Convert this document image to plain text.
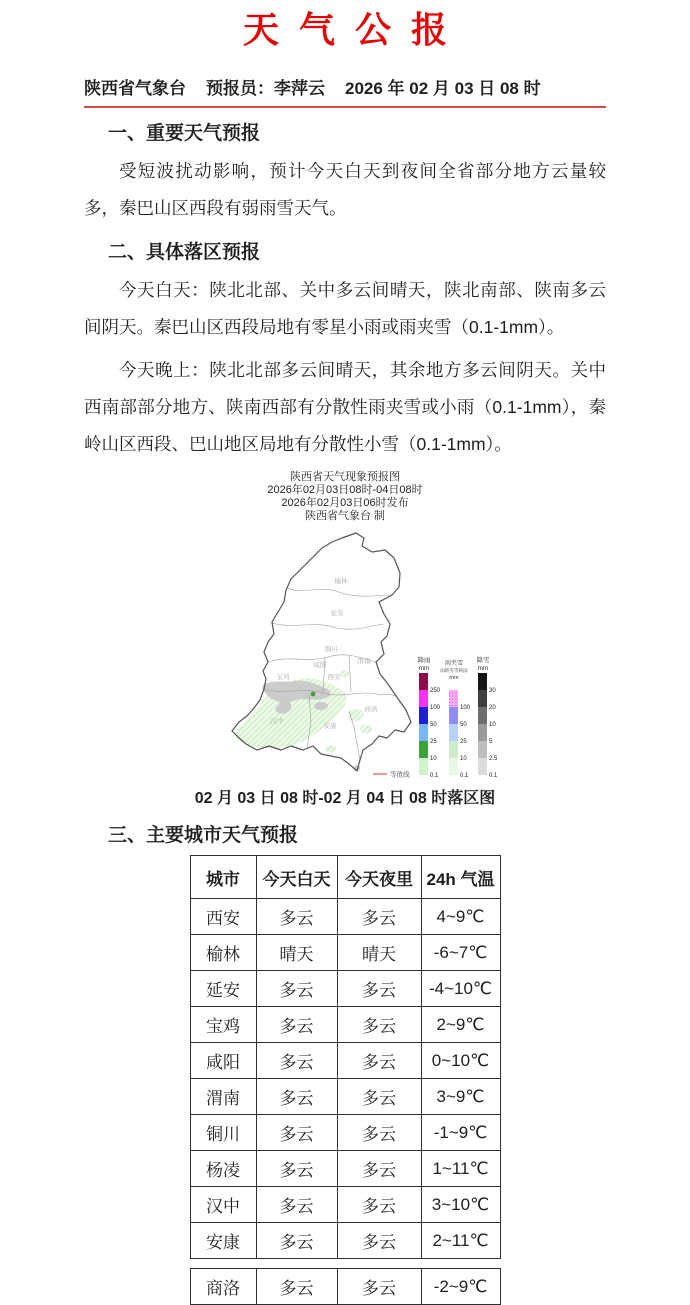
天气公报
陕西省气象台 预报员：李萍云 2026 年 02 月 03 日 08 时
一、重要天气预报

受短波扰动影响，预计今天白天到夜间全省部分地方云量较多，秦巴山区西段有弱雨雪天气。

二、具体落区预报

今天白天：陕北北部、关中多云间晴天，陕北南部、陕南多云间阴天。秦巴山区西段局地有零星小雨或雨夹雪（0.1-1mm）。

今天晚上：陕北北部多云间晴天，其余地方多云间阴天。关中西南部部分地方、陕南西部有分散性雨夹雪或小雨（0.1-1mm），秦岭山区西段、巴山地区局地有分散性小雪（0.1-1mm）。

陕西省天气现象预报图
2026年02月03日08时-04日08时
2026年02月03日06时发布
陕西省气象台 制
榆林
延安
铜川
咸阳
渭南
西安
宝鸡
商洛
汉中
安康
降雨
mm
250
100
50
25
10
0.1
雨夹雪
雨转雪雪转雨
mm
100
50
25
10
0.1
降雪
mm
30
20
10
5
2.5
0.1
等值线
02 月 03 日 08 时-02 月 04 日 08 时落区图
三、主要城市天气预报
城市	今天白天	今天夜里	24h 气温
西安	多云	多云	4~9℃
榆林	晴天	晴天	-6~7℃
延安	多云	多云	-4~10℃
宝鸡	多云	多云	2~9℃
咸阳	多云	多云	0~10℃
渭南	多云	多云	3~9℃
铜川	多云	多云	-1~9℃
杨凌	多云	多云	1~11℃
汉中	多云	多云	3~10℃
安康	多云	多云	2~11℃
商洛	多云	多云	-2~9℃
